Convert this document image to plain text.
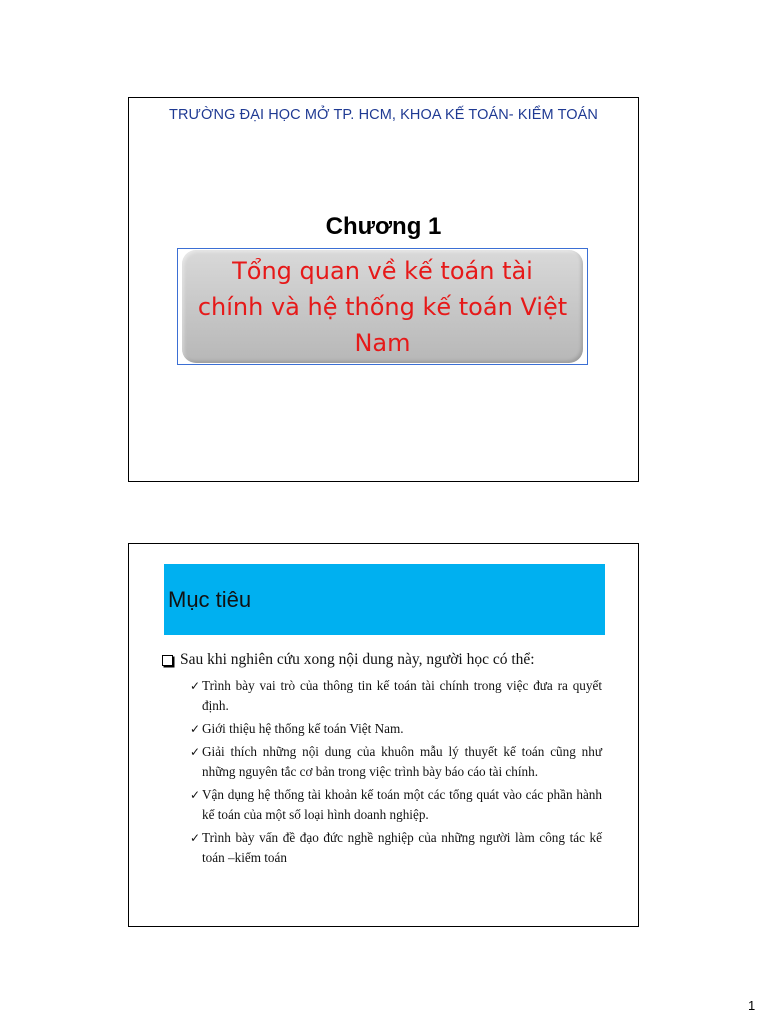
TRƯỜNG ĐẠI HỌC MỞ TP. HCM, KHOA KẾ TOÁN- KIỂM TOÁN
Chương 1
Tổng quan về kế toán tài chính và hệ thống kế toán Việt Nam
Mục tiêu
Sau khi nghiên cứu xong nội dung này, người học có thể:
✓ Trình bày vai trò của thông tin kế toán tài chính trong việc đưa ra quyết định.
✓ Giới thiệu hệ thống kế toán Việt Nam.
✓ Giải thích những nội dung của khuôn mẫu lý thuyết kế toán cũng như những nguyên tắc cơ bản trong việc trình bày báo cáo tài chính.
✓ Vận dụng hệ thống tài khoản kế toán một các tổng quát vào các phần hành kế toán của một số loại hình doanh nghiệp.
✓ Trình bày vấn đề đạo đức nghề nghiệp của những người làm công tác kế toán –kiểm toán
1
